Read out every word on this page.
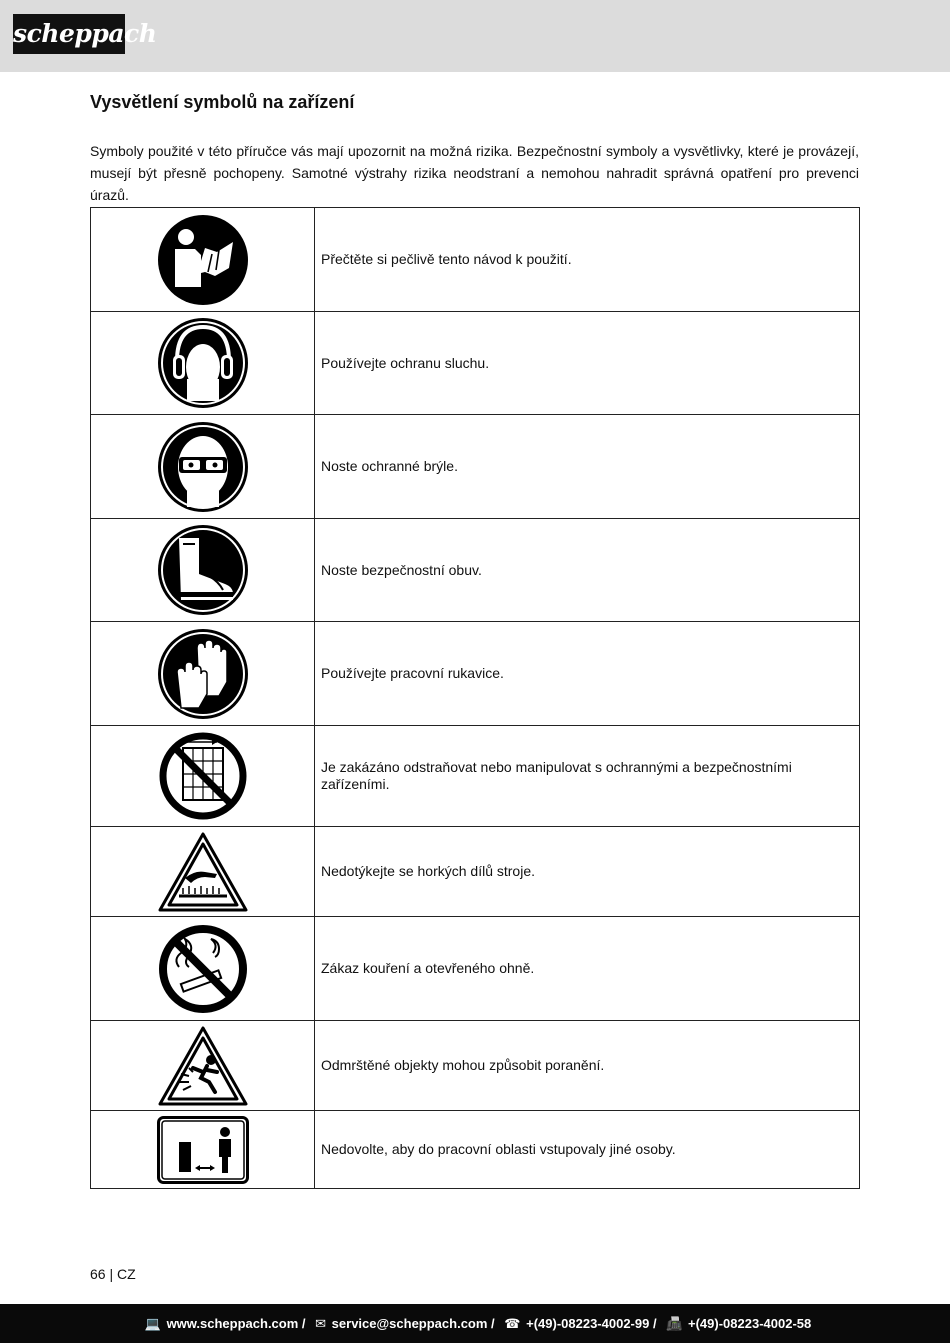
scheppach
Vysvětlení symbolů na zařízení

Symboly použité v této příručce vás mají upozornit na možná rizika. Bezpečnostní symboly a vysvětlivky, které je provázejí, musejí být přesně pochopeny. Samotné výstrahy rizika neodstraní a nemohou nahradit správná opatření pro prevenci úrazů.

	Přečtěte si pečlivě tento návod k použití.

	Používejte ochranu sluchu.

	Noste ochranné brýle.

	Noste bezpečnostní obuv.

	Používejte pracovní rukavice.

	Je zakázáno odstraňovat nebo manipulovat s ochrannými a bezpečnostními zařízeními.

	Nedotýkejte se horkých dílů stroje.

	Zákaz kouření a otevřeného ohně.

	Odmrštěné objekty mohou způsobit poranění.

	Nedovolte, aby do pracovní oblasti vstupovaly jiné osoby.
66 | CZ
💻 www.scheppach.com / ✉ service@scheppach.com / ☎ +(49)-08223-4002-99 / 📠 +(49)-08223-4002-58
